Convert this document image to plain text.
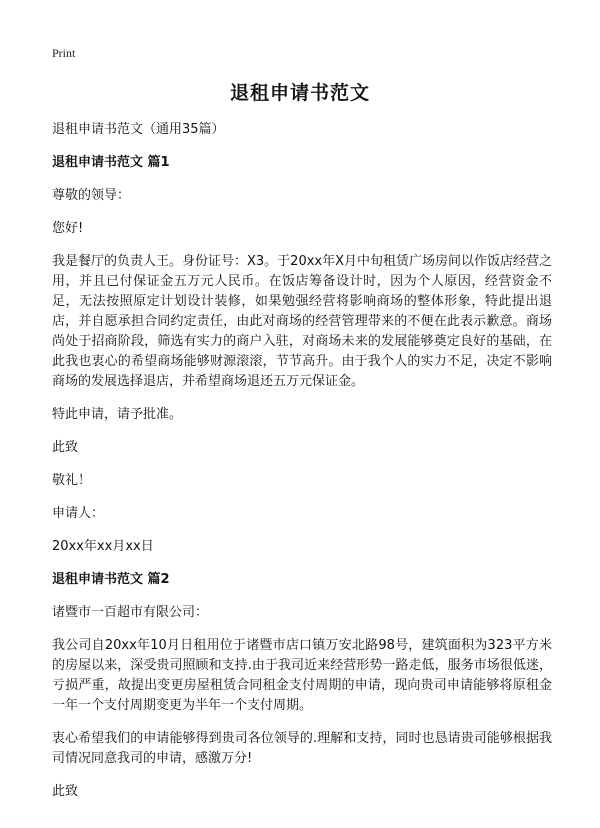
Print
退租申请书范文

退租申请书范文（通用35篇）

退租申请书范文 篇1

尊敬的领导：

您好!

我是餐厅的负责人王。身份证号：X3。于20xx年X月中旬租赁广场房间以作饭店经营之用，并且已付保证金五万元人民币。在饭店筹备设计时，因为个人原因，经营资金不足，无法按照原定计划设计装修，如果勉强经营将影响商场的整体形象，特此提出退店，并自愿承担合同约定责任，由此对商场的经营管理带来的不便在此表示歉意。商场尚处于招商阶段，筛选有实力的商户入驻，对商场未来的发展能够奠定良好的基础，在此我也衷心的希望商场能够财源滚滚，节节高升。由于我个人的实力不足，决定不影响商场的发展选择退店，并希望商场退还五万元保证金。

特此申请，请予批准。

此致

敬礼！

申请人：

20xx年xx月xx日

退租申请书范文 篇2

诸暨市一百超市有限公司：

我公司自20xx年10月日租用位于诸暨市店口镇万安北路98号，建筑面积为323平方米的房屋以来，深受贵司照顾和支持.由于我司近来经营形势一路走低，服务市场很低迷，亏损严重，故提出变更房屋租赁合同租金支付周期的申请，现向贵司申请能够将原租金一年一个支付周期变更为半年一个支付周期。

衷心希望我们的申请能够得到贵司各位领导的.理解和支持，同时也恳请贵司能够根据我司情况同意我司的申请，感激万分!

此致
